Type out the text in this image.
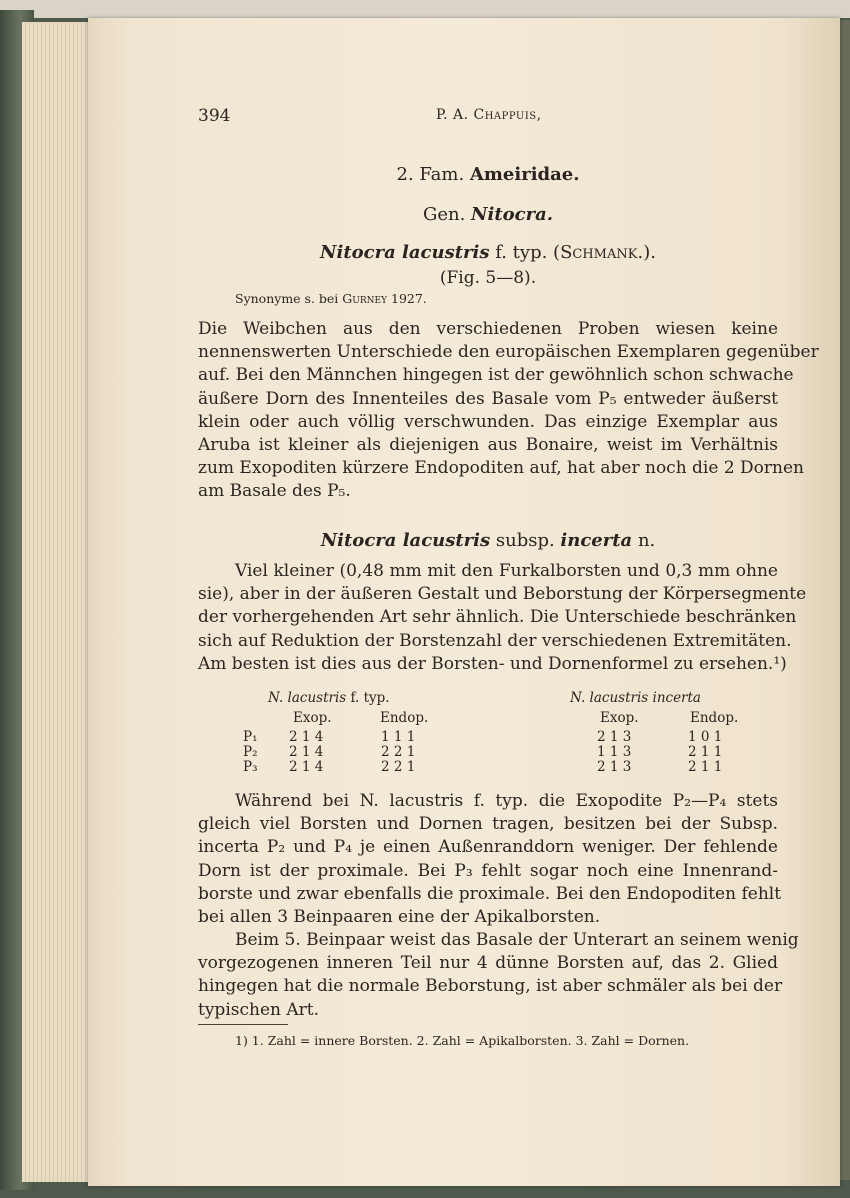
394	P. A. Chappuis,
2. Fam. Ameiridae.
Gen. Nitocra.
Nitocra lacustris f. typ. (Schmank.).
(Fig. 5—8).
Synonyme s. bei Gurney 1927.
Die Weibchen aus den verschiedenen Proben wiesen keine
nennenswerten Unterschiede den europäischen Exemplaren gegenüber
auf. Bei den Männchen hingegen ist der gewöhnlich schon schwache
äußere Dorn des Innenteiles des Basale vom P₅ entweder äußerst
klein oder auch völlig verschwunden. Das einzige Exemplar aus
Aruba ist kleiner als diejenigen aus Bonaire, weist im Verhältnis
zum Exopoditen kürzere Endopoditen auf, hat aber noch die 2 Dornen
am Basale des P₅.
Nitocra lacustris subsp. incerta n.
Viel kleiner (0,48 mm mit den Furkalborsten und 0,3 mm ohne
sie), aber in der äußeren Gestalt und Beborstung der Körpersegmente
der vorhergehenden Art sehr ähnlich. Die Unterschiede beschränken
sich auf Reduktion der Borstenzahl der verschiedenen Extremitäten.
Am besten ist dies aus der Borsten- und Dornenformel zu ersehen.¹)
N. lacustris f. typ.	N. lacustris incerta
Exop.	Endop.	Exop.	Endop.
P₁ 2 1 4	1 1 1	2 1 3	1 0 1
P₂ 2 1 4	2 2 1	1 1 3	2 1 1
P₃ 2 1 4	2 2 1	2 1 3	2 1 1
Während bei N. lacustris f. typ. die Exopodite P₂—P₄ stets
gleich viel Borsten und Dornen tragen, besitzen bei der Subsp.
incerta P₂ und P₄ je einen Außenranddorn weniger. Der fehlende
Dorn ist der proximale. Bei P₃ fehlt sogar noch eine Innenrand-
borste und zwar ebenfalls die proximale. Bei den Endopoditen fehlt
bei allen 3 Beinpaaren eine der Apikalborsten.
Beim 5. Beinpaar weist das Basale der Unterart an seinem wenig
vorgezogenen inneren Teil nur 4 dünne Borsten auf, das 2. Glied
hingegen hat die normale Beborstung, ist aber schmäler als bei der
typischen Art.
1) 1. Zahl = innere Borsten. 2. Zahl = Apikalborsten. 3. Zahl = Dornen.
